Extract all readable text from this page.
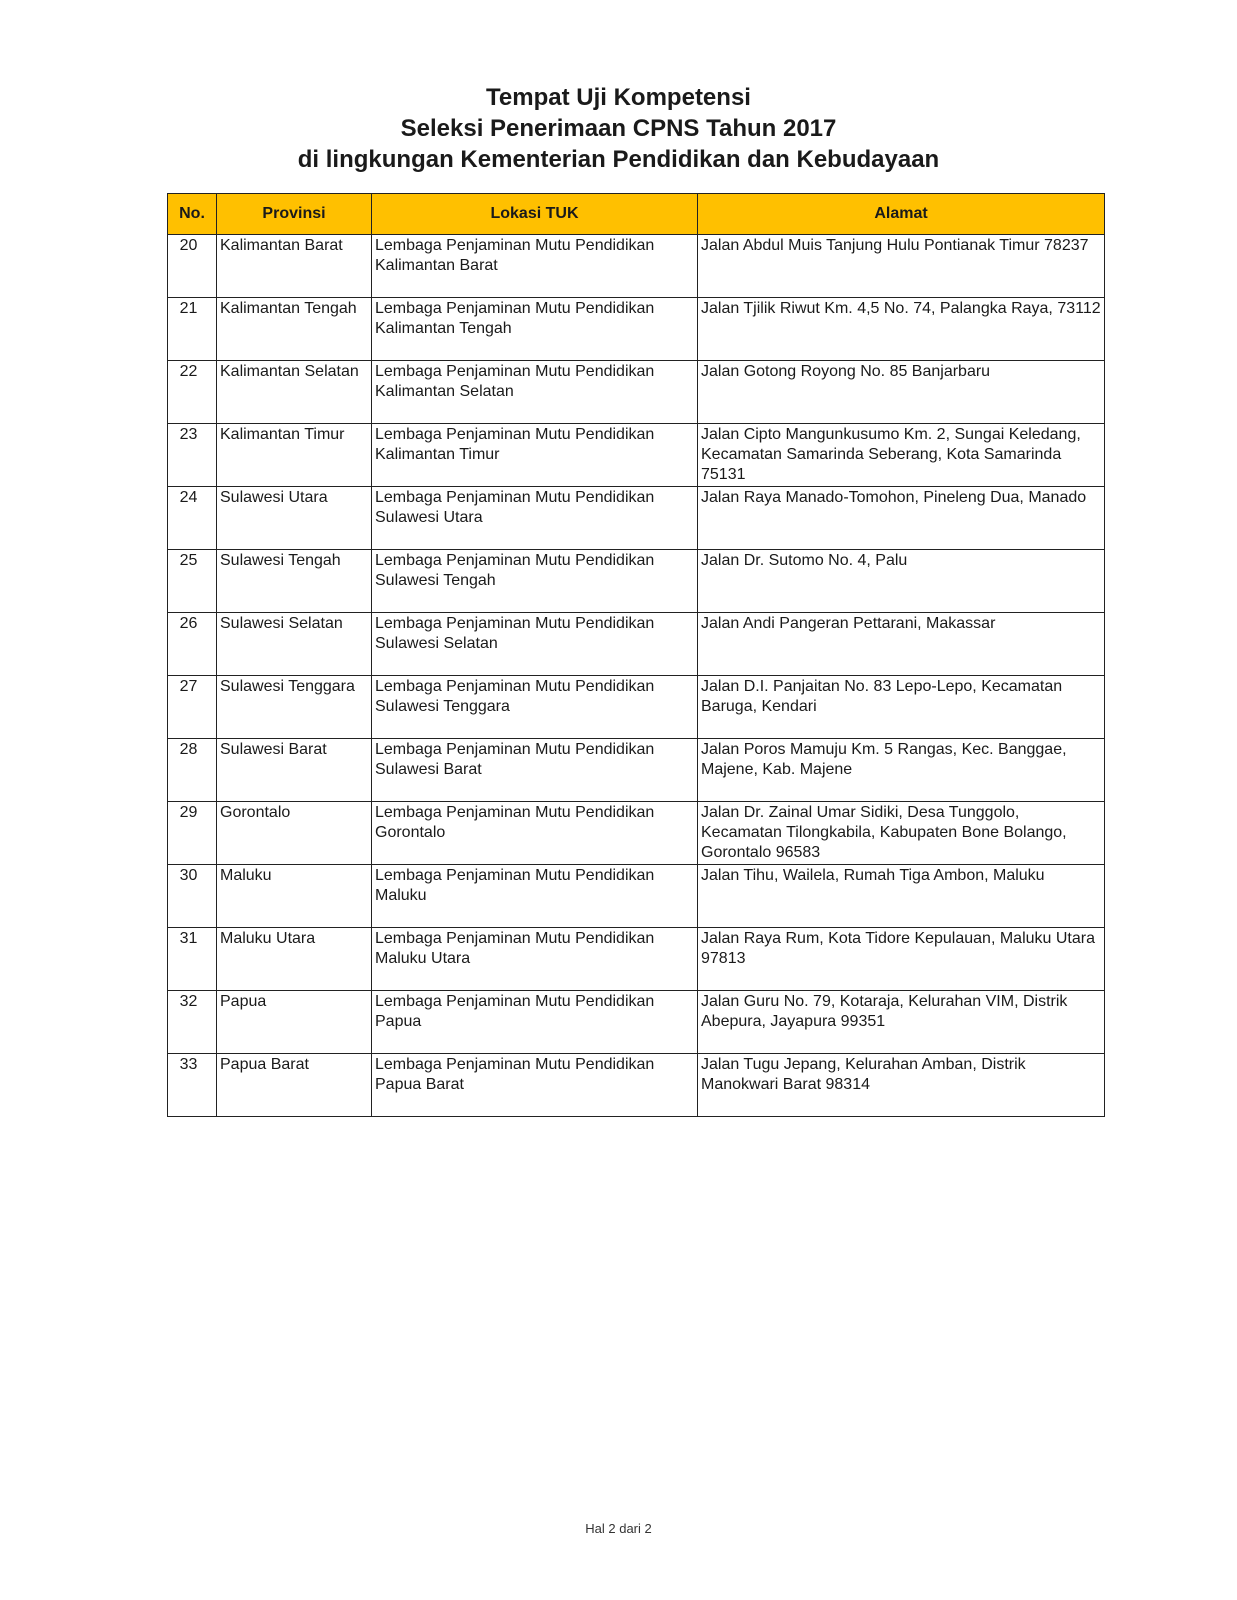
Tempat Uji Kompetensi

Seleksi Penerimaan CPNS Tahun 2017

di lingkungan Kementerian Pendidikan dan Kebudayaan

No.	Provinsi	Lokasi TUK	Alamat
20	Kalimantan Barat	Lembaga Penjaminan Mutu Pendidikan Kalimantan Barat	Jalan Abdul Muis Tanjung Hulu Pontianak Timur 78237
21	Kalimantan Tengah	Lembaga Penjaminan Mutu Pendidikan Kalimantan Tengah	Jalan Tjilik Riwut Km. 4,5 No. 74, Palangka Raya, 73112
22	Kalimantan Selatan	Lembaga Penjaminan Mutu Pendidikan Kalimantan Selatan	Jalan Gotong Royong No. 85 Banjarbaru
23	Kalimantan Timur	Lembaga Penjaminan Mutu Pendidikan Kalimantan Timur	Jalan Cipto Mangunkusumo Km. 2, Sungai Keledang, Kecamatan Samarinda Seberang, Kota Samarinda 75131
24	Sulawesi Utara	Lembaga Penjaminan Mutu Pendidikan Sulawesi Utara	Jalan Raya Manado-Tomohon, Pineleng Dua, Manado
25	Sulawesi Tengah	Lembaga Penjaminan Mutu Pendidikan Sulawesi Tengah	Jalan Dr. Sutomo No. 4, Palu
26	Sulawesi Selatan	Lembaga Penjaminan Mutu Pendidikan Sulawesi Selatan	Jalan Andi Pangeran Pettarani, Makassar
27	Sulawesi Tenggara	Lembaga Penjaminan Mutu Pendidikan Sulawesi Tenggara	Jalan D.I. Panjaitan No. 83 Lepo-Lepo, Kecamatan Baruga, Kendari
28	Sulawesi Barat	Lembaga Penjaminan Mutu Pendidikan Sulawesi Barat	Jalan Poros Mamuju Km. 5 Rangas, Kec. Banggae, Majene, Kab. Majene
29	Gorontalo	Lembaga Penjaminan Mutu Pendidikan Gorontalo	Jalan Dr. Zainal Umar Sidiki, Desa Tunggolo, Kecamatan Tilongkabila, Kabupaten Bone Bolango, Gorontalo 96583
30	Maluku	Lembaga Penjaminan Mutu Pendidikan Maluku	Jalan Tihu, Wailela, Rumah Tiga Ambon, Maluku
31	Maluku Utara	Lembaga Penjaminan Mutu Pendidikan Maluku Utara	Jalan Raya Rum, Kota Tidore Kepulauan, Maluku Utara 97813
32	Papua	Lembaga Penjaminan Mutu Pendidikan Papua	Jalan Guru No. 79, Kotaraja, Kelurahan VIM, Distrik Abepura, Jayapura 99351
33	Papua Barat	Lembaga Penjaminan Mutu Pendidikan Papua Barat	Jalan Tugu Jepang, Kelurahan Amban, Distrik Manokwari Barat 98314
Hal 2 dari 2
